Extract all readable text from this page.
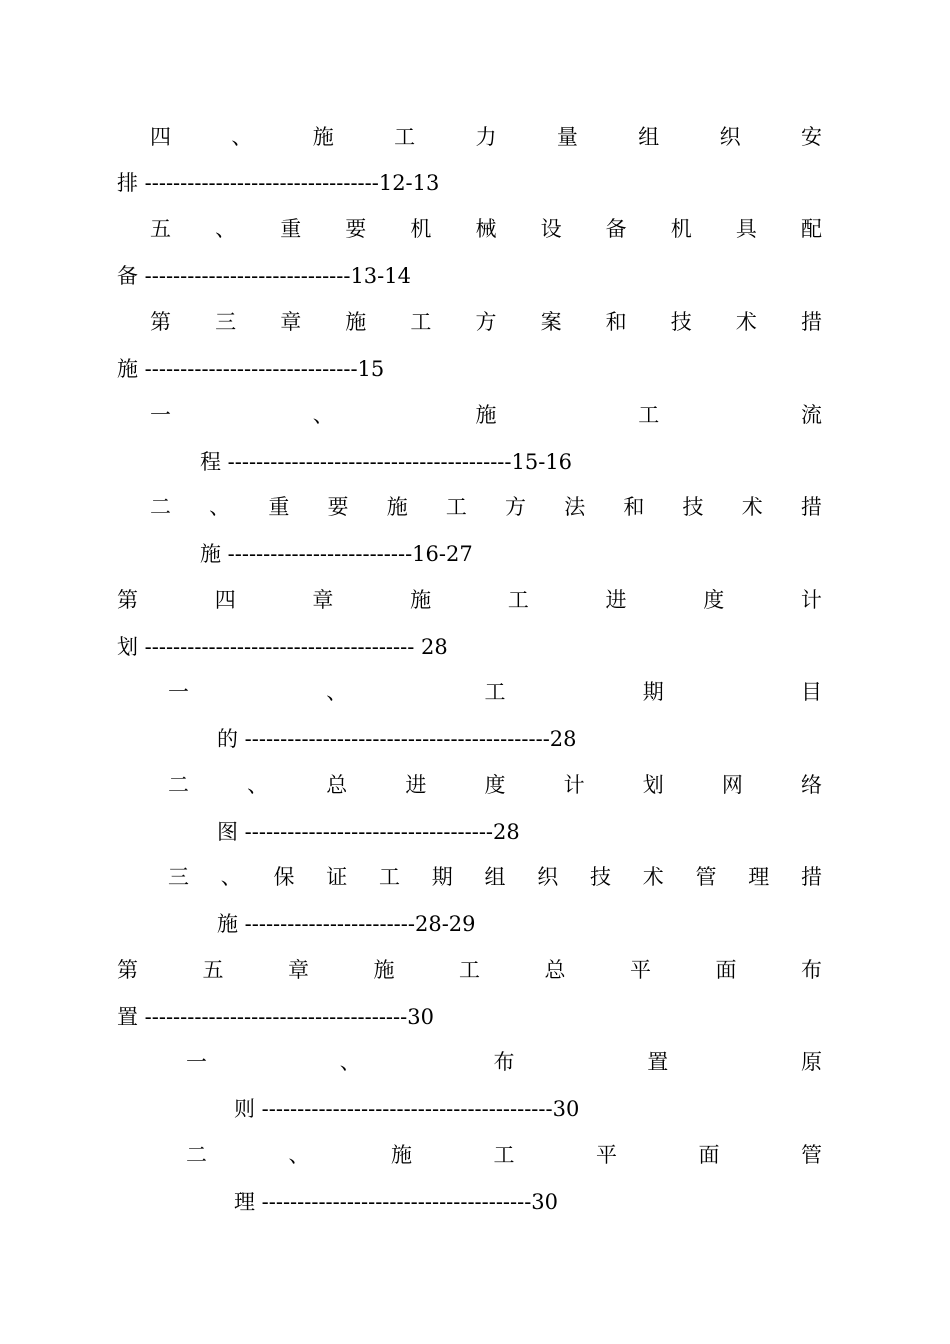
四	、	施	工	力	量	组	织	安
排 ---------------------------------12-13
五 、 重 要 机 械 设 备 机 具 配
备 -----------------------------13-14
第 三 章 施 工 方 案 和 技 术 措
施 ------------------------------15
一	、	施	工	流
程 ----------------------------------------15-16
二 、 重 要 施 工 方 法 和 技 术 措
施 --------------------------16-27
第	四	章	施	工	进	度	计
划 -------------------------------------- 28
一	、	工	期	目
的 -------------------------------------------28
二	、	总	进	度	计	划	网	络
图 -----------------------------------28
三 、 保 证 工 期 组 织 技 术 管 理 措
施 ------------------------28-29
第	五	章	施	工	总	平	面	布
置 -------------------------------------30
一	、	布	置	原
则 -----------------------------------------30
二	、	施	工	平	面	管
理 --------------------------------------30
